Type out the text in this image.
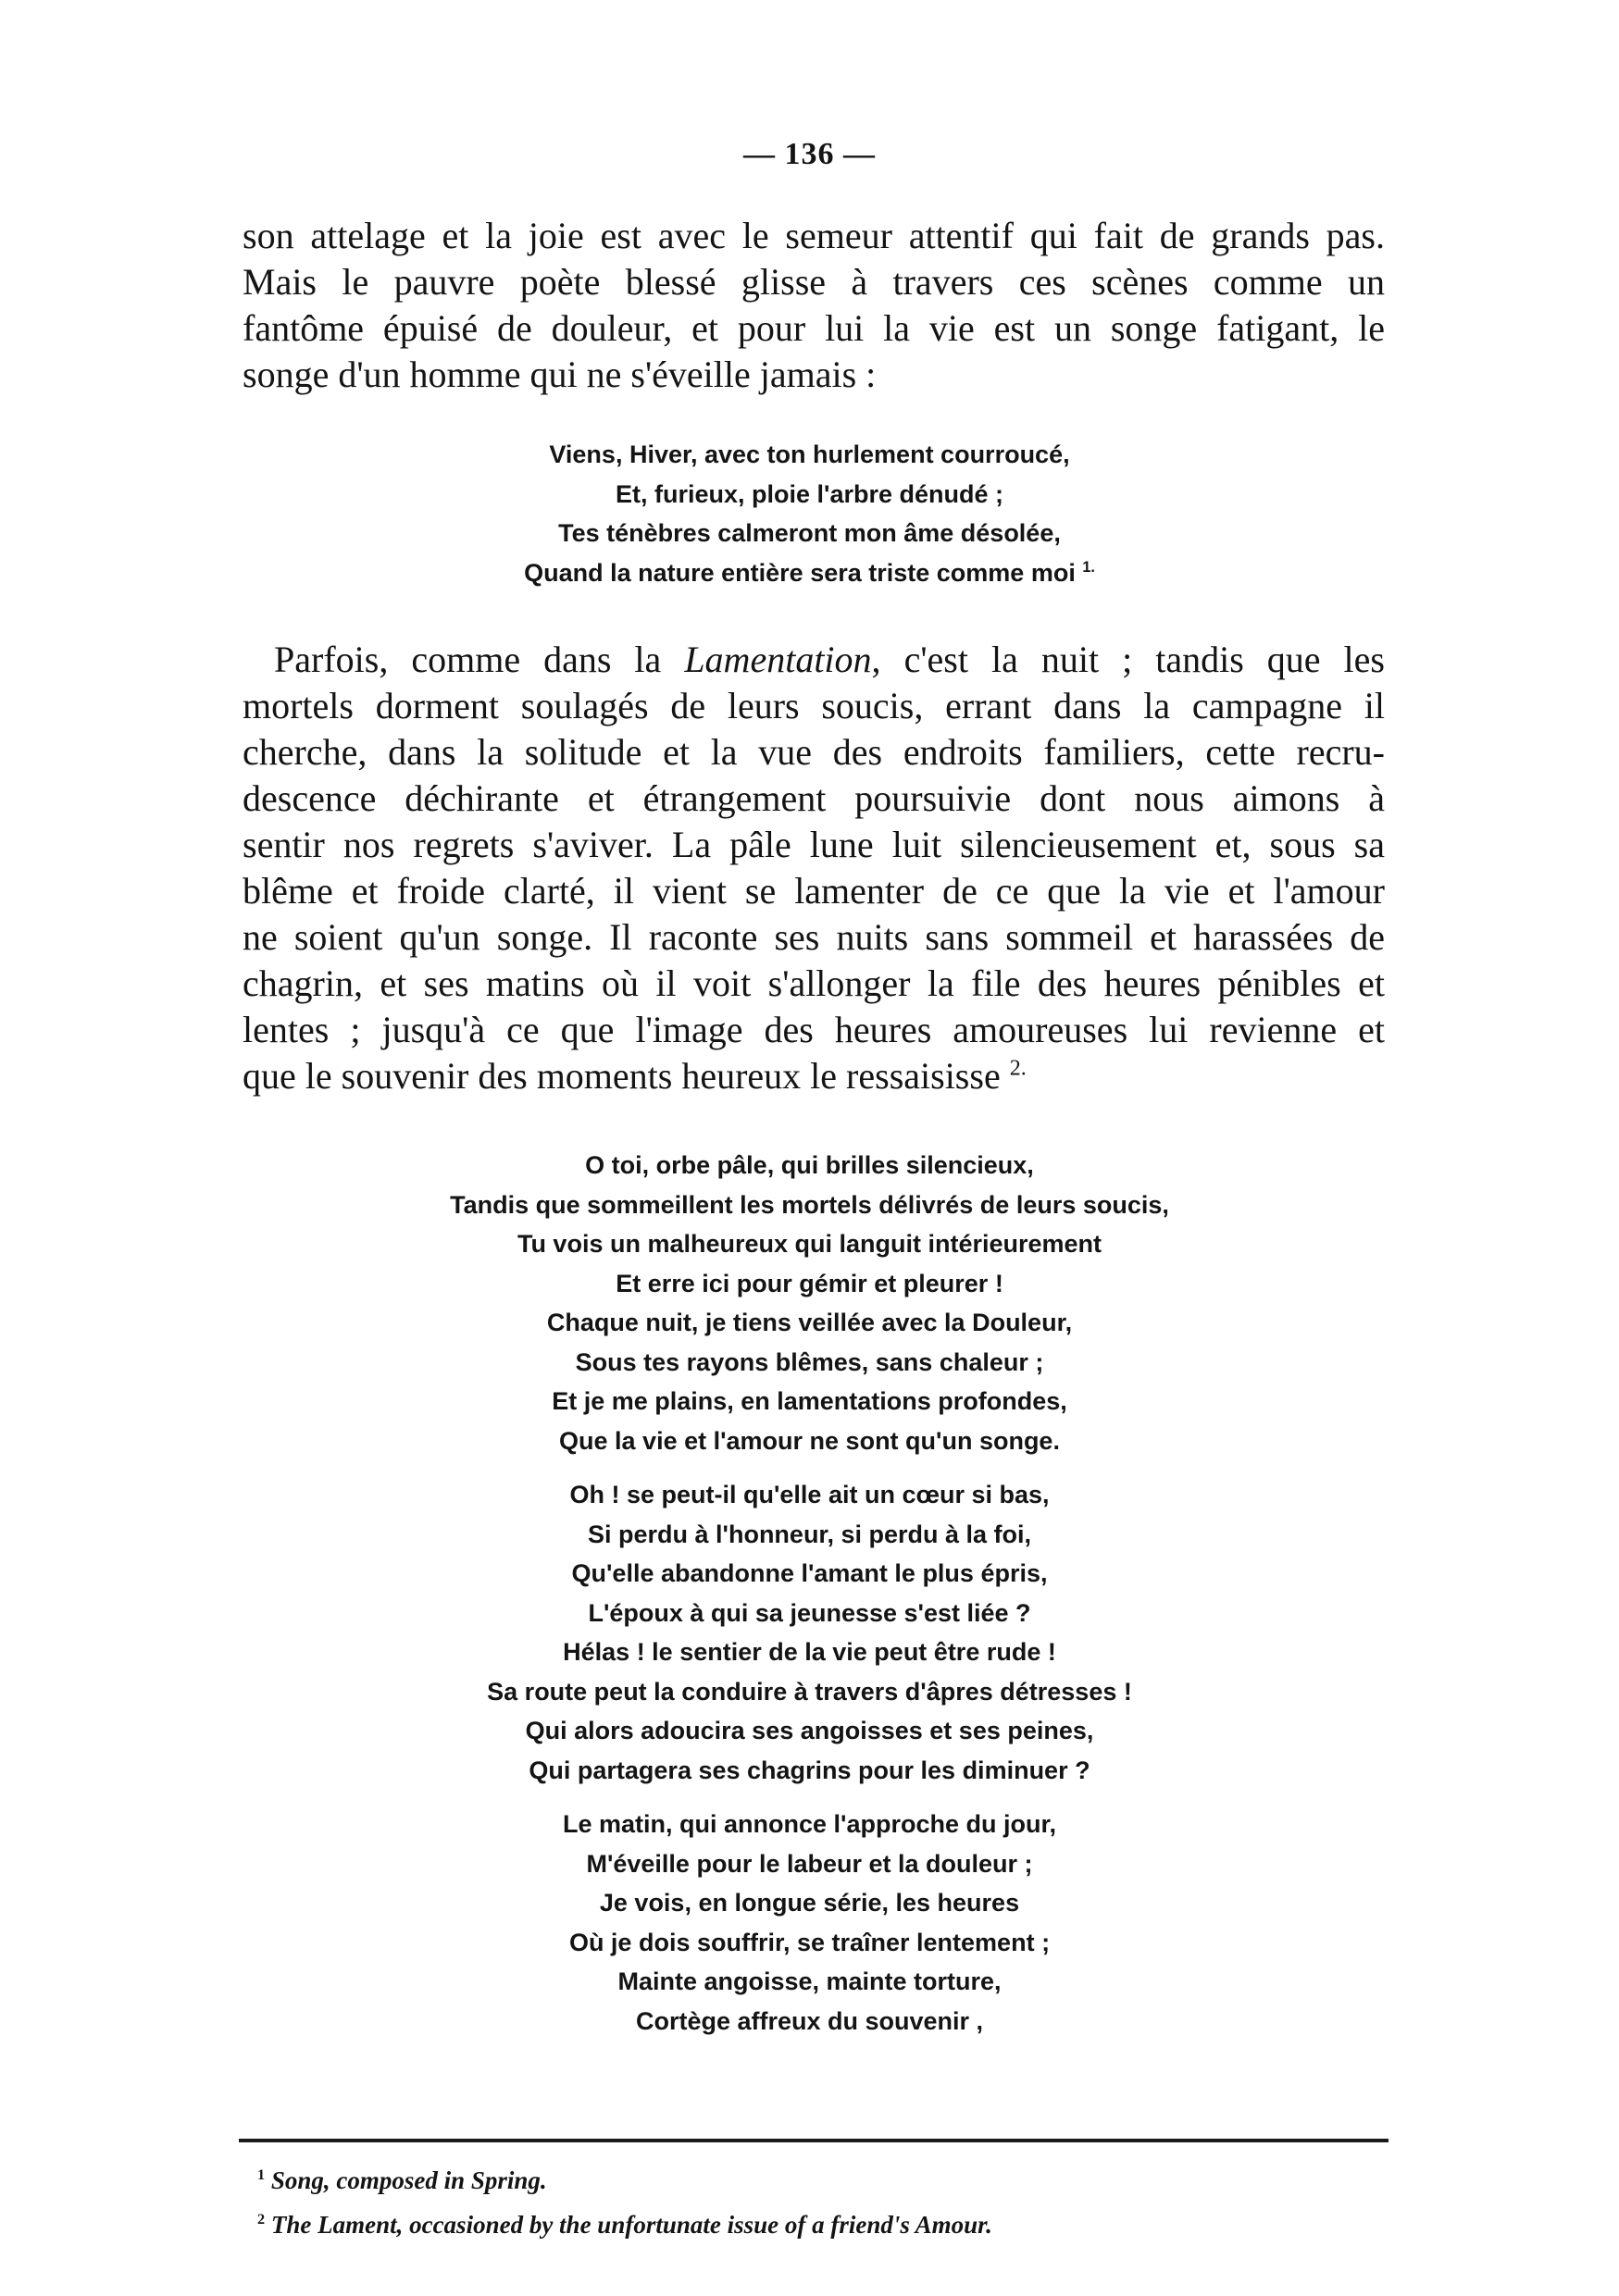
— 136 —
son attelage et la joie est avec le semeur attentif qui fait de grands pas.
Mais le pauvre poète blessé glisse à travers ces scènes comme un
fantôme épuisé de douleur, et pour lui la vie est un songe fatigant, le
songe d'un homme qui ne s'éveille jamais :
Viens, Hiver, avec ton hurlement courroucé,
Et, furieux, ploie l'arbre dénudé ;
Tes ténèbres calmeront mon âme désolée,
Quand la nature entière sera triste comme moi $^{1.}$
Parfois, comme dans la Lamentation, c'est la nuit ; tandis que les
mortels dorment soulagés de leurs soucis, errant dans la campagne il
cherche, dans la solitude et la vue des endroits familiers, cette recru-
descence déchirante et étrangement poursuivie dont nous aimons à
sentir nos regrets s'aviver. La pâle lune luit silencieusement et, sous sa
blême et froide clarté, il vient se lamenter de ce que la vie et l'amour
ne soient qu'un songe. Il raconte ses nuits sans sommeil et harassées de
chagrin, et ses matins où il voit s'allonger la file des heures pénibles et
lentes ; jusqu'à ce que l'image des heures amoureuses lui revienne et
que le souvenir des moments heureux le ressaisisse $^{2.}$
O toi, orbe pâle, qui brilles silencieux,
Tandis que sommeillent les mortels délivrés de leurs soucis,
Tu vois un malheureux qui languit intérieurement
Et erre ici pour gémir et pleurer !
Chaque nuit, je tiens veillée avec la Douleur,
Sous tes rayons blêmes, sans chaleur ;
Et je me plains, en lamentations profondes,
Que la vie et l'amour ne sont qu'un songe.
Oh ! se peut-il qu'elle ait un cœur si bas,
Si perdu à l'honneur, si perdu à la foi,
Qu'elle abandonne l'amant le plus épris,
L'époux à qui sa jeunesse s'est liée ?
Hélas ! le sentier de la vie peut être rude !
Sa route peut la conduire à travers d'âpres détresses !
Qui alors adoucira ses angoisses et ses peines,
Qui partagera ses chagrins pour les diminuer ?
Le matin, qui annonce l'approche du jour,
M'éveille pour le labeur et la douleur ;
Je vois, en longue série, les heures
Où je dois souffrir, se traîner lentement ;
Mainte angoisse, mainte torture,
Cortège affreux du souvenir ,
$^1$ Song, composed in Spring.
$^2$ The Lament, occasioned by the unfortunate issue of a friend's Amour.
